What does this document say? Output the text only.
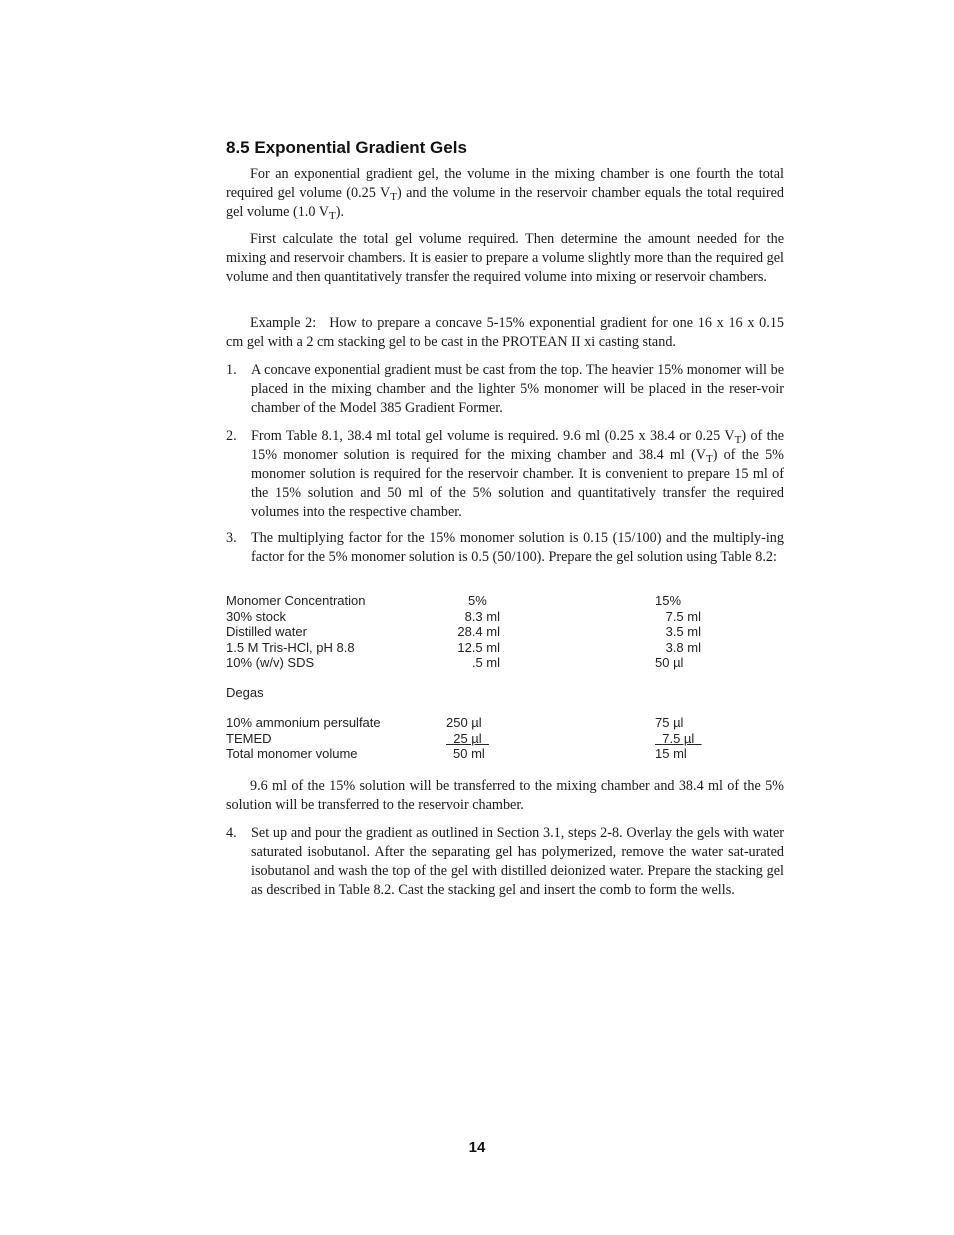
8.5 Exponential Gradient Gels
For an exponential gradient gel, the volume in the mixing chamber is one fourth the total required gel volume (0.25 $V_T$) and the volume in the reservoir chamber equals the total required gel volume (1.0 $V_T$).
First calculate the total gel volume required. Then determine the amount needed for the mixing and reservoir chambers. It is easier to prepare a volume slightly more than the required gel volume and then quantitatively transfer the required volume into mixing or reservoir chambers.
Example 2: How to prepare a concave 5-15% exponential gradient for one 16 x 16 x 0.15 cm gel with a 2 cm stacking gel to be cast in the PROTEAN II xi casting stand.
1. A concave exponential gradient must be cast from the top. The heavier 15% monomer will be placed in the mixing chamber and the lighter 5% monomer will be placed in the reser-voir chamber of the Model 385 Gradient Former.
2. From Table 8.1, 38.4 ml total gel volume is required. 9.6 ml (0.25 x 38.4 or 0.25 $V_T$) of the 15% monomer solution is required for the mixing chamber and 38.4 ml $(V_T)$ of the 5% monomer solution is required for the reservoir chamber. It is convenient to prepare 15 ml of the 15% solution and 50 ml of the 5% solution and quantitatively transfer the required volumes into the respective chamber.
3. The multiplying factor for the 15% monomer solution is 0.15 (15/100) and the multiply-ing factor for the 5% monomer solution is 0.5 (50/100). Prepare the gel solution using Table 8.2:
Monomer Concentration	5%	15%
30% stock	8.3 ml	7.5 ml
Distilled water	28.4 ml	3.5 ml
1.5 M Tris-HCl, pH 8.8	12.5 ml	3.8 ml
10% (w/v) SDS	.5 ml	50 µl
Degas
10% ammonium persulfate	250 µl	75 µl
TEMED	25 µl	7.5 µl
Total monomer volume	50 ml	15 ml
9.6 ml of the 15% solution will be transferred to the mixing chamber and 38.4 ml of the 5% solution will be transferred to the reservoir chamber.
4. Set up and pour the gradient as outlined in Section 3.1, steps 2-8. Overlay the gels with water saturated isobutanol. After the separating gel has polymerized, remove the water sat-urated isobutanol and wash the top of the gel with distilled deionized water. Prepare the stacking gel as described in Table 8.2. Cast the stacking gel and insert the comb to form the wells.
14
